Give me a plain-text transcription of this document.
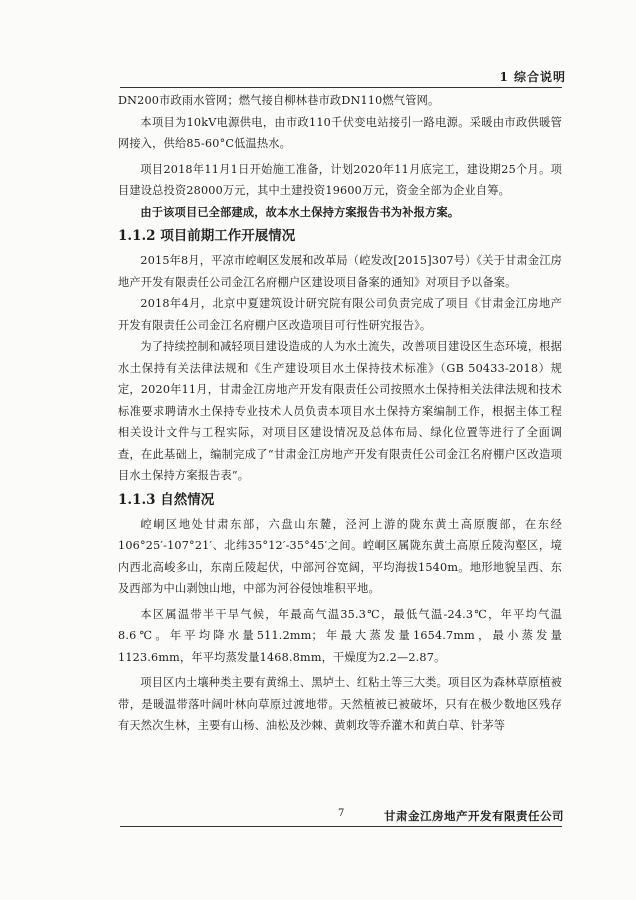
1 综合说明

DN200市政雨水管网；燃气接自柳林巷市政DN110燃气管网。

本项目为10kV电源供电，由市政110千伏变电站接引一路电源。采暖由市政供暖管网接入，供给85-60°C低温热水。

项目2018年11月1日开始施工准备，计划2020年11月底完工，建设期25个月。项目建设总投资28000万元，其中土建投资19600万元，资金全部为企业自筹。

由于该项目已全部建成，故本水土保持方案报告书为补报方案。

1.1.2 项目前期工作开展情况

2015年8月，平凉市崆峒区发展和改革局（崆发改[2015]307号）《关于甘肃金江房地产开发有限责任公司金江名府棚户区建设项目备案的通知》对项目予以备案。

2018年4月，北京中夏建筑设计研究院有限公司负责完成了项目《甘肃金江房地产开发有限责任公司金江名府棚户区改造项目可行性研究报告》。

为了持续控制和减轻项目建设造成的人为水土流失，改善项目建设区生态环境，根据水土保持有关法律法规和《生产建设项目水土保持技术标准》（GB 50433-2018）规定，2020年11月，甘肃金江房地产开发有限责任公司按照水土保持相关法律法规和技术标准要求聘请水土保持专业技术人员负责本项目水土保持方案编制工作，根据主体工程相关设计文件与工程实际，对项目区建设情况及总体布局、绿化位置等进行了全面调查，在此基础上，编制完成了“甘肃金江房地产开发有限责任公司金江名府棚户区改造项目水土保持方案报告表”。

1.1.3 自然情况

崆峒区地处甘肃东部，六盘山东麓，泾河上游的陇东黄土高原腹部，在东经106°25′-107°21′、北纬35°12′-35°45′之间。崆峒区属陇东黄土高原丘陵沟壑区，境内西北高峻多山，东南丘陵起伏，中部河谷宽阔，平均海拔1540m。地形地貌呈西、东及西部为中山剥蚀山地，中部为河谷侵蚀堆积平地。

本区属温带半干旱气候，年最高气温35.3℃，最低气温-24.3℃，年平均气温8.6℃。年平均降水量511.2mm；年最大蒸发量1654.7mm，最小蒸发量1123.6mm，年平均蒸发量1468.8mm，干燥度为2.2—2.87。

项目区内土壤种类主要有黄绵土、黑垆土、红粘土等三大类。项目区为森林草原植被带，是暖温带落叶阔叶林向草原过渡地带。天然植被已被破坏，只有在极少数地区残存有天然次生林，主要有山杨、油松及沙棘、黄刺玫等乔灌木和黄白草、针茅等

7	甘肃金江房地产开发有限责任公司
